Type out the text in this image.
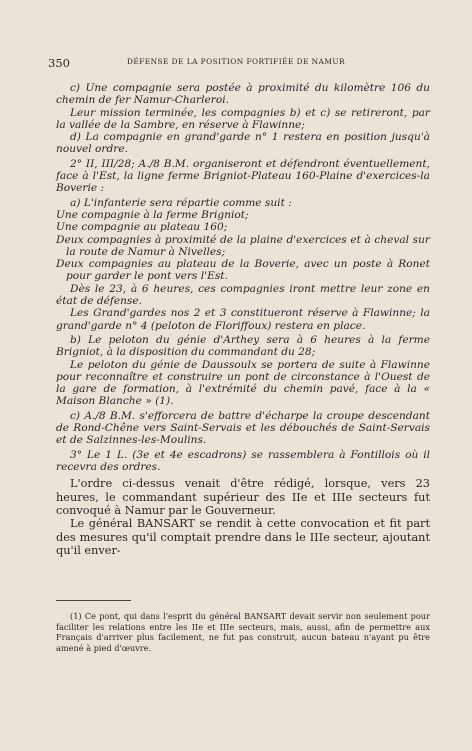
350	DÉFENSE DE LA POSITION FORTIFIÉE DE NAMUR

c) Une compagnie sera postée à proximité du kilomètre 106 du chemin de fer Namur-Charleroi.

Leur mission terminée, les compagnies b) et c) se retireront, par la vallée de la Sambre, en réserve à Flawinne;

d) La compagnie en grand'garde n° 1 restera en position jusqu'à nouvel ordre.

2° II, III/28; A./8 B.M. organiseront et défendront éventuellement, face à l'Est, la ligne ferme Brigniot-Plateau 160-Plaine d'exercices-la Boverie :

a) L'infanterie sera répartie comme suit :

Une compagnie à la ferme Brigniot;

Une compagnie au plateau 160;

Deux compagnies à proximité de la plaine d'exercices et à cheval sur la route de Namur à Nivelles;

Deux compagnies au plateau de la Boverie, avec un poste à Ronet pour garder le pont vers l'Est.

Dès le 23, à 6 heures, ces compagnies iront mettre leur zone en état de défense.

Les Grand'gardes nos 2 et 3 constitueront réserve à Flawinne; la grand'garde n° 4 (peloton de Floriffoux) restera en place.

b) Le peloton du génie d'Arthey sera à 6 heures à la ferme Brigniot, à la disposition du commandant du 28;

Le peloton du génie de Daussoulx se portera de suite à Flawinne pour reconnaître et construire un pont de circonstance à l'Ouest de la gare de formation, à l'extrémité du chemin pavé, face à la « Maison Blanche » (1).

c) A./8 B.M. s'efforcera de battre d'écharpe la croupe descendant de Rond-Chêne vers Saint-Servais et les débouchés de Saint-Servais et de Salzinnes-les-Moulins.

3° Le 1 L. (3e et 4e escadrons) se rassemblera à Fontillois où il recevra des ordres.

L'ordre ci-dessus venait d'être rédigé, lorsque, vers 23 heures, le commandant supérieur des IIe et IIIe secteurs fut convoqué à Namur par le Gouverneur.

Le général BANSART se rendit à cette convocation et fit part des mesures qu'il comptait prendre dans le IIIe secteur, ajoutant qu'il enver-

(1) Ce pont, qui dans l'esprit du général BANSART devait servir non seulement pour faciliter les relations entre les IIe et IIIe secteurs, mais, aussi, afin de permettre aux Français d'arriver plus facilement, ne fut pas construit, aucun bateau n'ayant pu être amené à pied d'œuvre.
